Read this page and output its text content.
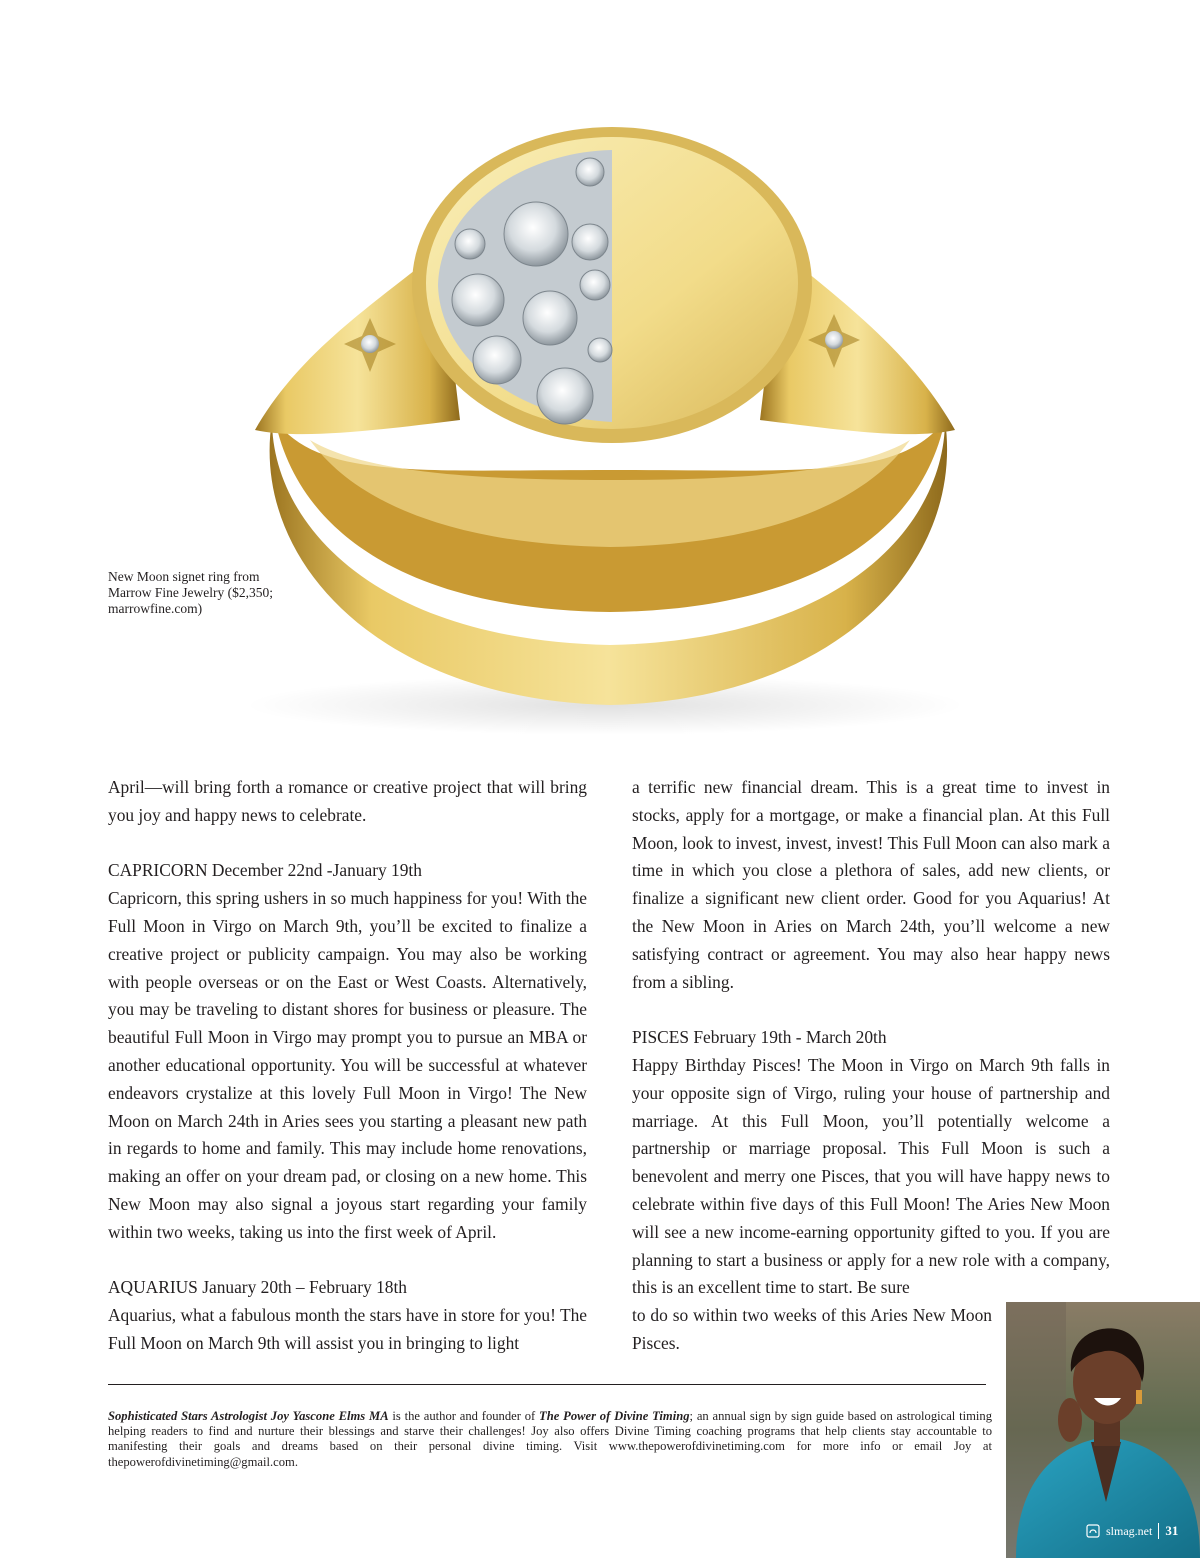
New Moon signet ring from
Marrow Fine Jewelry ($2,350;
marrowfine.com)

April—will bring forth a romance or creative project that will bring you joy and happy news to celebrate.

CAPRICORN December 22nd -January 19th

Capricorn, this spring ushers in so much happiness for you! With the Full Moon in Virgo on March 9th, you’ll be excited to finalize a creative project or publicity campaign. You may also be working with people overseas or on the East or West Coasts. Alternatively, you may be traveling to distant shores for business or pleasure. The beautiful Full Moon in Virgo may prompt you to pursue an MBA or another educational opportunity. You will be successful at whatever endeavors crystalize at this lovely Full Moon in Virgo! The New Moon on March 24th in Aries sees you starting a pleasant new path in regards to home and family. This may include home renovations, making an offer on your dream pad, or closing on a new home. This New Moon may also signal a joyous start regarding your family within two weeks, taking us into the first week of April.

AQUARIUS January 20th – February 18th

Aquarius, what a fabulous month the stars have in store for you! The Full Moon on March 9th will assist you in bringing to light

a terrific new financial dream. This is a great time to invest in stocks, apply for a mortgage, or make a financial plan. At this Full Moon, look to invest, invest, invest! This Full Moon can also mark a time in which you close a plethora of sales, add new clients, or finalize a significant new client order. Good for you Aquarius! At the New Moon in Aries on March 24th, you’ll welcome a new satisfying contract or agreement. You may also hear happy news from a sibling.

PISCES February 19th - March 20th

Happy Birthday Pisces! The Moon in Virgo on March 9th falls in your opposite sign of Virgo, ruling your house of partnership and marriage. At this Full Moon, you’ll potentially welcome a partnership or marriage proposal. This Full Moon is such a benevolent and merry one Pisces, that you will have happy news to celebrate within five days of this Full Moon! The Aries New Moon will see a new income-earning opportunity gifted to you. If you are planning to start a business or apply for a new role with a company, this is an excellent time to start. Be sure

to do so within two weeks of this Aries New Moon Pisces.

Sophisticated Stars Astrologist Joy Yascone Elms MA is the author and founder of The Power of Divine Timing; an annual sign by sign guide based on astrological timing helping readers to find and nurture their blessings and starve their challenges! Joy also offers Divine Timing coaching programs that help clients stay accountable to manifesting their goals and dreams based on their personal divine timing. Visit www.thepowerofdivinetiming.com for more info or email Joy at thepowerofdivinetiming@gmail.com.
slmag.net	31
